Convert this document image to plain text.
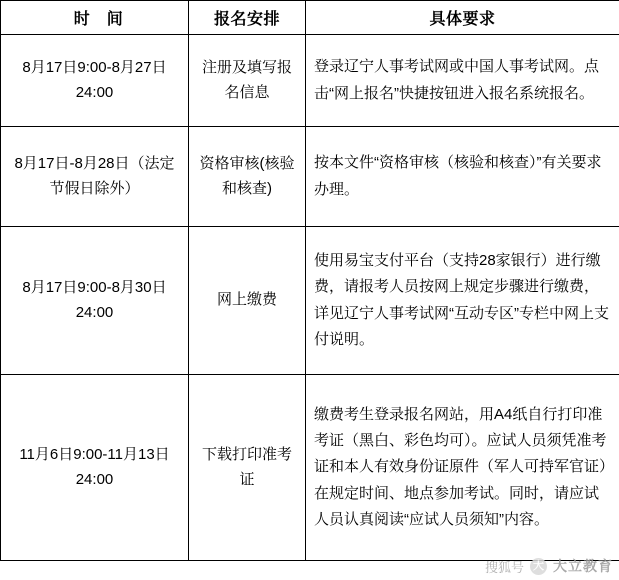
时　间	报名安排	具体要求
8月17日9:00-8月27日24:00	注册及填写报名信息	登录辽宁人事考试网或中国人事考试网。点击“网上报名”快捷按钮进入报名系统报名。
8月17日-8月28日（法定节假日除外）	资格审核(核验和核查)	按本文件“资格审核（核验和核查）”有关要求办理。
8月17日9:00-8月30日24:00	网上缴费	使用易宝支付平台（支持28家银行）进行缴费，请报考人员按网上规定步骤进行缴费，详见辽宁人事考试网“互动专区”专栏中网上支付说明。
11月6日9:00-11月13日24:00	下载打印准考证	缴费考生登录报名网站，用A4纸自行打印准考证（黑白、彩色均可）。应试人员须凭准考证和本人有效身份证原件（军人可持军官证）在规定时间、地点参加考试。同时，请应试人员认真阅读“应试人员须知”内容。
搜狐号 大 大立教育
